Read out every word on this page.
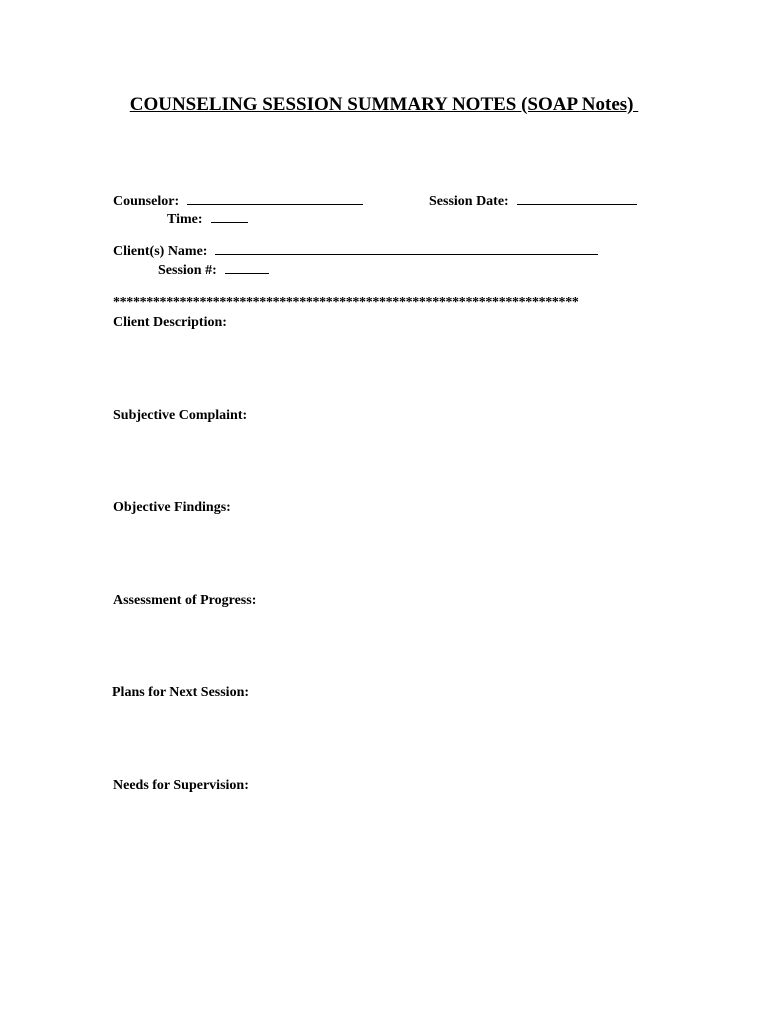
COUNSELING SESSION SUMMARY NOTES (SOAP Notes)
Counselor:	Session Date:
Time:
Client(s) Name:
Session #:
**********************************************************************
Client Description:
Subjective Complaint:
Objective Findings:
Assessment of Progress:
Plans for Next Session:
Needs for Supervision:
